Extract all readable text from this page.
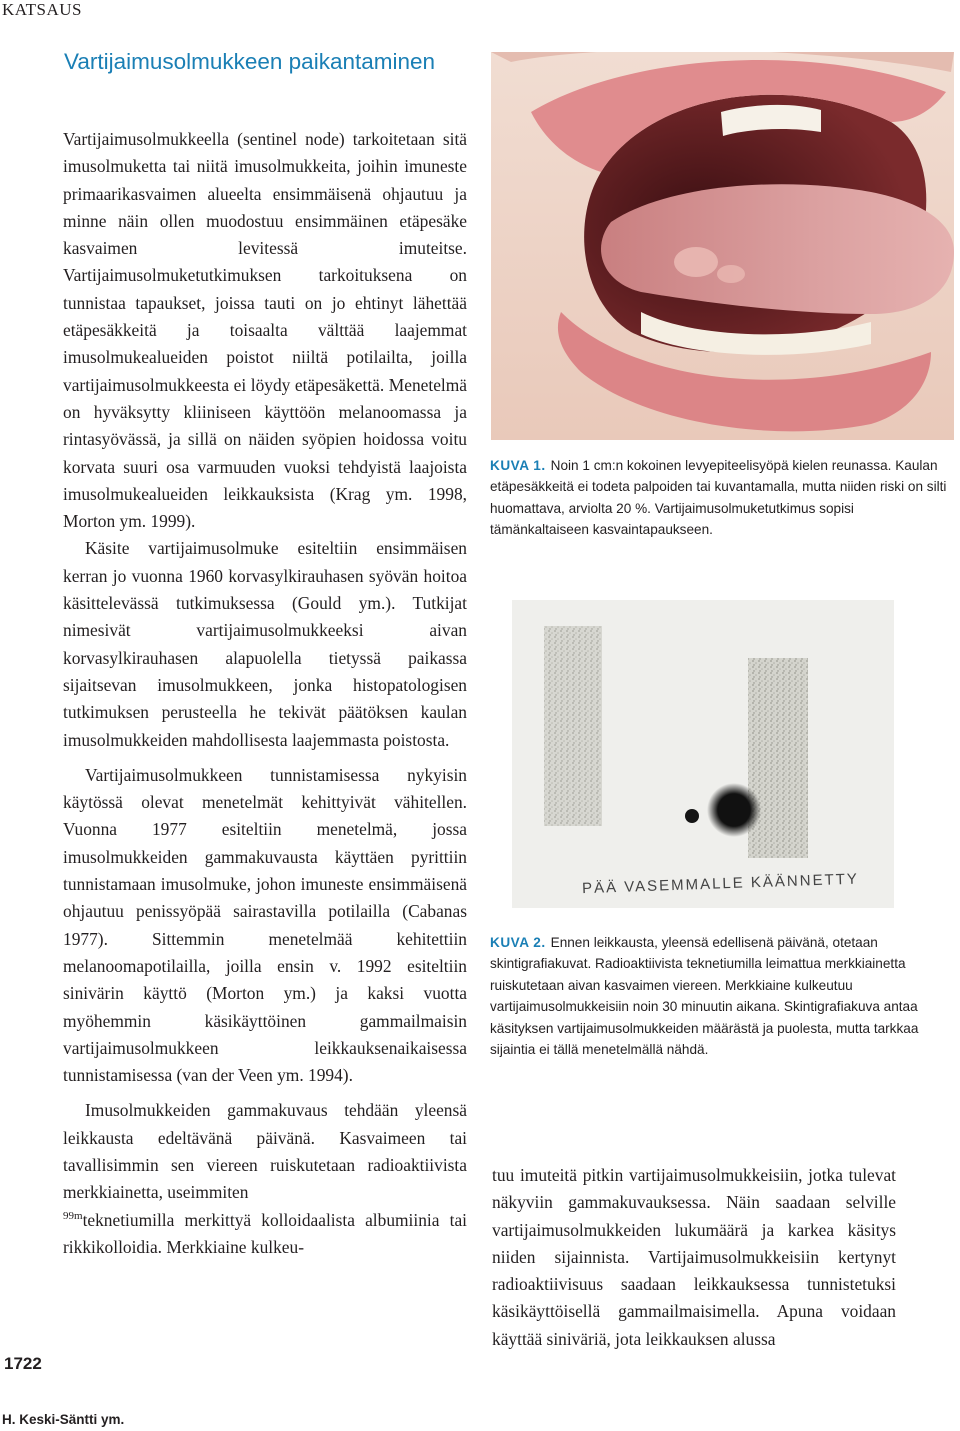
KATSAUS
Vartijaimusolmukkeen paikantaminen

Vartijaimusolmukkeella (sentinel node) tarkoitetaan sitä imusolmuketta tai niitä imusolmukkeita, joihin imuneste primaarikasvaimen alueelta ensimmäisenä ohjautuu ja minne näin ollen muodostuu ensimmäinen etäpesäke kasvaimen levitessä imuteitse. Vartijaimusolmuketutkimuksen tarkoituksena on tunnistaa tapaukset, joissa tauti on jo ehtinyt lähettää etäpesäkkeitä ja toisaalta välttää laajemmat imusolmukealueiden poistot niiltä potilailta, joilla vartijaimusolmukkeesta ei löydy etäpesäkettä. Menetelmä on hyväksytty kliiniseen käyttöön melanoomassa ja rintasyövässä, ja sillä on näiden syöpien hoidossa voitu korvata suuri osa varmuuden vuoksi tehdyistä laajoista imusolmukealueiden leikkauksista (Krag ym. 1998, Morton ym. 1999).

Käsite vartijaimusolmuke esiteltiin ensimmäisen kerran jo vuonna 1960 korvasylkirauhasen syövän hoitoa käsittelevässä tutkimuksessa (Gould ym.). Tutkijat nimesivät vartijaimusolmukkeeksi aivan korvasylkirauhasen alapuolella tietyssä paikassa sijaitsevan imusolmukkeen, jonka histopatologisen tutkimuksen perusteella he tekivät päätöksen kaulan imusolmukkeiden mahdollisesta laajemmasta poistosta.

Vartijaimusolmukkeen tunnistamisessa nykyisin käytössä olevat menetelmät kehittyivät vähitellen. Vuonna 1977 esiteltiin menetelmä, jossa imusolmukkeiden gammakuvausta käyttäen pyrittiin tunnistamaan imusolmuke, johon imuneste ensimmäisenä ohjautuu penissyöpää sairastavilla potilailla (Cabanas 1977). Sittemmin menetelmää kehitettiin melanoomapotilailla, joilla ensin v. 1992 esiteltiin sinivärin käyttö (Morton ym.) ja kaksi vuotta myöhemmin käsikäyttöinen gammailmaisin vartijaimusolmukkeen leikkauksenaikaisessa tunnistamisessa (van der Veen ym. 1994).

Imusolmukkeiden gammakuvaus tehdään yleensä leikkausta edeltävänä päivänä. Kasvaimeen tai tavallisimmin sen viereen ruiskutetaan radioaktiivista merkkiainetta, useimmiten
$^{99m}$teknetiumilla merkittyä kolloidaalista albumiinia tai rikkikolloidia. Merkkiaine kulkeu-

KUVA 1. Noin 1 cm:n kokoinen levyepiteelisyöpä kielen reunassa. Kaulan etäpesäkkeitä ei todeta palpoiden tai kuvantamalla, mutta niiden riski on silti huomattava, arviolta 20 %. Vartijaimusolmuketutkimus sopisi tämänkaltaiseen kasvaintapaukseen.

PÄÄ VASEMMALLE KÄÄNNETTY

KUVA 2. Ennen leikkausta, yleensä edellisenä päivänä, otetaan skintigrafiakuvat. Radioaktiivista teknetiumilla leimattua merkkiainetta ruiskutetaan aivan kasvaimen viereen. Merkkiaine kulkeutuu vartijaimusolmukkeisiin noin 30 minuutin aikana. Skintigrafiakuva antaa käsityksen vartijaimusolmukkeiden määrästä ja puolesta, mutta tarkkaa sijaintia ei tällä menetelmällä nähdä.

tuu imuteitä pitkin vartijaimusolmukkeisiin, jotka tulevat näkyviin gammakuvauksessa. Näin saadaan selville vartijaimusolmukkeiden lukumäärä ja karkea käsitys niiden sijainnista. Vartijaimusolmukkeisiin kertynyt radioaktiivisuus saadaan leikkauksessa tunnistetuksi käsikäyttöisellä gammailmaisimella. Apuna voidaan käyttää siniväriä, jota leikkauksen alussa

1722
H. Keski-Säntti ym.
